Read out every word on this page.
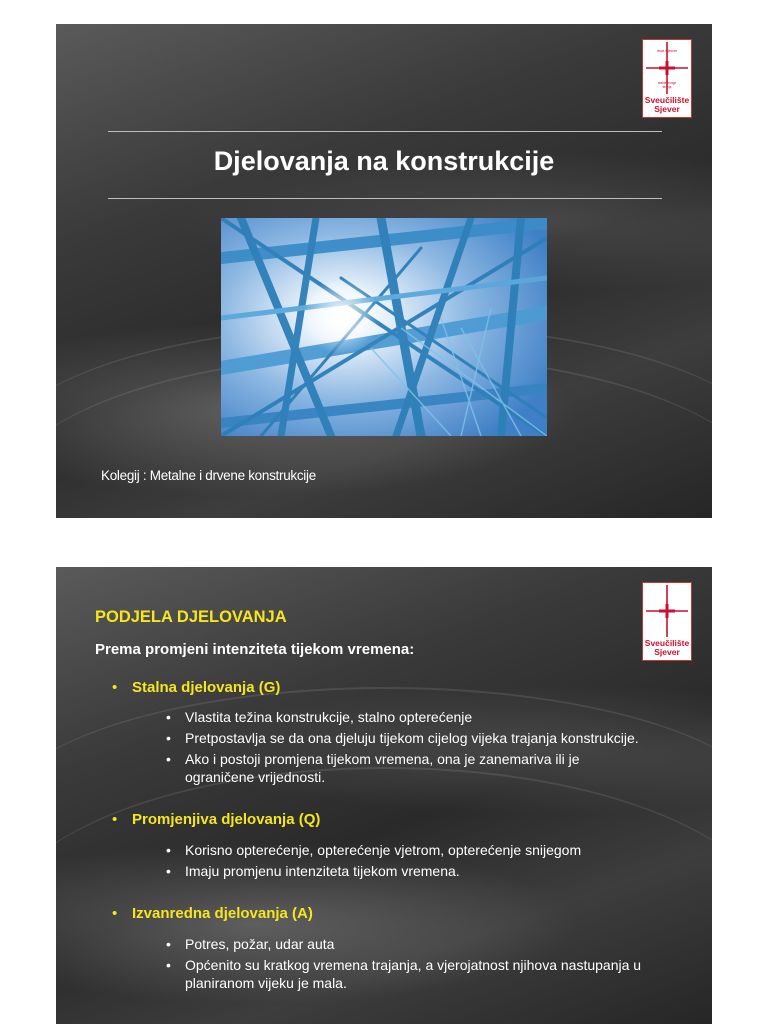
nisce mjesove
stable bonge
teorija
Sveučilište Sjever
Djelovanja na konstrukcije
Kolegij : Metalne i drvene konstrukcije
Sveučilište Sjever
PODJELA DJELOVANJA
Prema promjeni intenziteta tijekom vremena:
• Stalna djelovanja (G)
•	Vlastita težina konstrukcije, stalno opterećenje
•	Pretpostavlja se da ona djeluju tijekom cijelog vijeka trajanja konstrukcije.
•	Ako i postoji promjena tijekom vremena, ona je zanemariva ili je ograničene vrijednosti.
• Promjenjiva djelovanja (Q)
•	Korisno opterećenje, opterećenje vjetrom, opterećenje snijegom
•	Imaju promjenu intenziteta tijekom vremena.
• Izvanredna djelovanja (A)
•	Potres, požar, udar auta
•	Općenito su kratkog vremena trajanja, a vjerojatnost njihova nastupanja u planiranom vijeku je mala.
